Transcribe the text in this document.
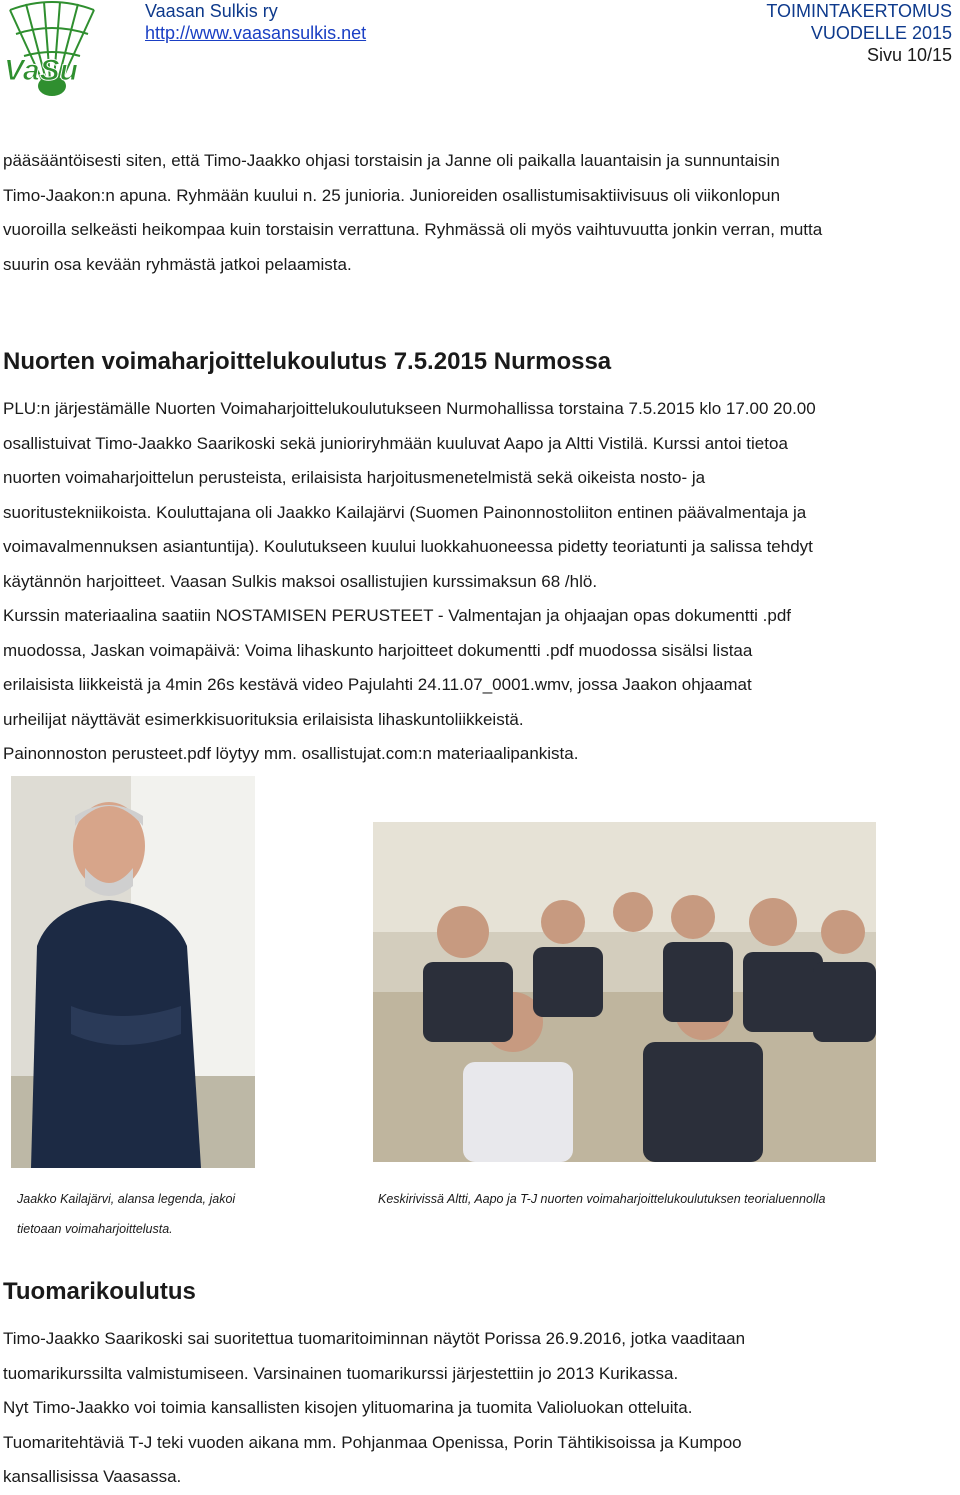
VaSu
Vaasan Sulkis ry
http://www.vaasansulkis.net
TOIMINTAKERTOMUS
VUODELLE 2015
Sivu 10/15
pääsääntöisesti siten, että Timo-Jaakko ohjasi torstaisin ja Janne oli paikalla lauantaisin ja sunnuntaisin
Timo-Jaakon:n apuna. Ryhmään kuului n. 25 junioria. Junioreiden osallistumisaktiivisuus oli viikonlopun
vuoroilla selkeästi heikompaa kuin torstaisin verrattuna. Ryhmässä oli myös vaihtuvuutta jonkin verran, mutta
suurin osa kevään ryhmästä jatkoi pelaamista.
Nuorten voimaharjoittelukoulutus 7.5.2015 Nurmossa
PLU:n järjestämälle Nuorten Voimaharjoittelukoulutukseen Nurmohallissa torstaina 7.5.2015 klo 17.00 20.00
osallistuivat Timo-Jaakko Saarikoski sekä junioriryhmään kuuluvat Aapo ja Altti Vistilä. Kurssi antoi tietoa
nuorten voimaharjoittelun perusteista, erilaisista harjoitusmenetelmistä sekä oikeista nosto- ja
suoritustekniikoista. Kouluttajana oli Jaakko Kailajärvi (Suomen Painonnostoliiton entinen päävalmentaja ja
voimavalmennuksen asiantuntija). Koulutukseen kuului luokkahuoneessa pidetty teoriatunti ja salissa tehdyt
käytännön harjoitteet. Vaasan Sulkis maksoi osallistujien kurssimaksun 68 /hlö.
Kurssin materiaalina saatiin NOSTAMISEN PERUSTEET - Valmentajan ja ohjaajan opas dokumentti .pdf
muodossa, Jaskan voimapäivä: Voima lihaskunto harjoitteet dokumentti .pdf muodossa sisälsi listaa
erilaisista liikkeistä ja 4min 26s kestävä video Pajulahti 24.11.07_0001.wmv, jossa Jaakon ohjaamat
urheilijat näyttävät esimerkkisuorituksia erilaisista lihaskuntoliikkeistä.
Painonnoston perusteet.pdf löytyy mm. osallistujat.com:n materiaalipankista.
Jaakko Kailajärvi, alansa legenda, jakoi
tietoaan voimaharjoittelusta.
Keskirivissä Altti, Aapo ja T-J nuorten voimaharjoittelukoulutuksen teorialuennolla
Tuomarikoulutus
Timo-Jaakko Saarikoski sai suoritettua tuomaritoiminnan näytöt Porissa 26.9.2016, jotka vaaditaan
tuomarikurssilta valmistumiseen. Varsinainen tuomarikurssi järjestettiin jo 2013 Kurikassa.
Nyt Timo-Jaakko voi toimia kansallisten kisojen ylituomarina ja tuomita Valioluokan otteluita.
Tuomaritehtäviä T-J teki vuoden aikana mm. Pohjanmaa Openissa, Porin Tähtikisoissa ja Kumpoo
kansallisissa Vaasassa.
